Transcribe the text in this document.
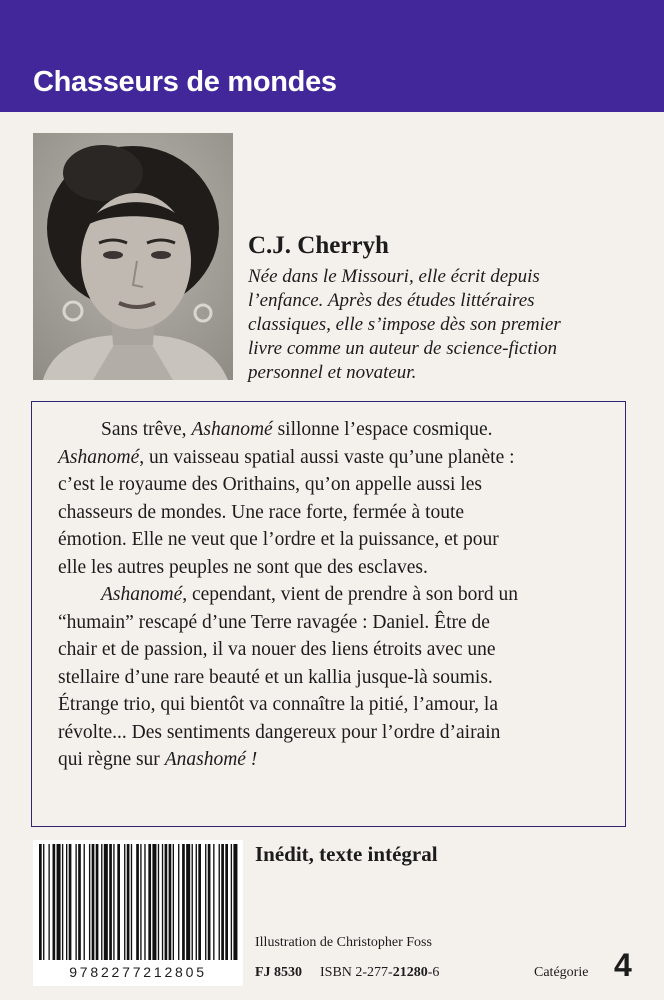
Chasseurs de mondes
C.J. Cherryh
Née dans le Missouri, elle écrit depuis
l’enfance. Après des études littéraires
classiques, elle s’impose dès son premier
livre comme un auteur de science-fiction
personnel et novateur.
Sans trêve, Ashanomé sillonne l’espace cosmique.
Ashanomé, un vaisseau spatial aussi vaste qu’une planète :
c’est le royaume des Orithains, qu’on appelle aussi les
chasseurs de mondes. Une race forte, fermée à toute
émotion. Elle ne veut que l’ordre et la puissance, et pour
elle les autres peuples ne sont que des esclaves.
Ashanomé, cependant, vient de prendre à son bord un
“humain” rescapé d’une Terre ravagée : Daniel. Être de
chair et de passion, il va nouer des liens étroits avec une
stellaire d’une rare beauté et un kallia jusque-là soumis.
Étrange trio, qui bientôt va connaître la pitié, l’amour, la
révolte... Des sentiments dangereux pour l’ordre d’airain
qui règne sur Anashomé !
9782277212805
Inédit, texte intégral
Illustration de Christopher Foss
FJ 8530 ISBN 2-277-21280-6	Catégorie 4
